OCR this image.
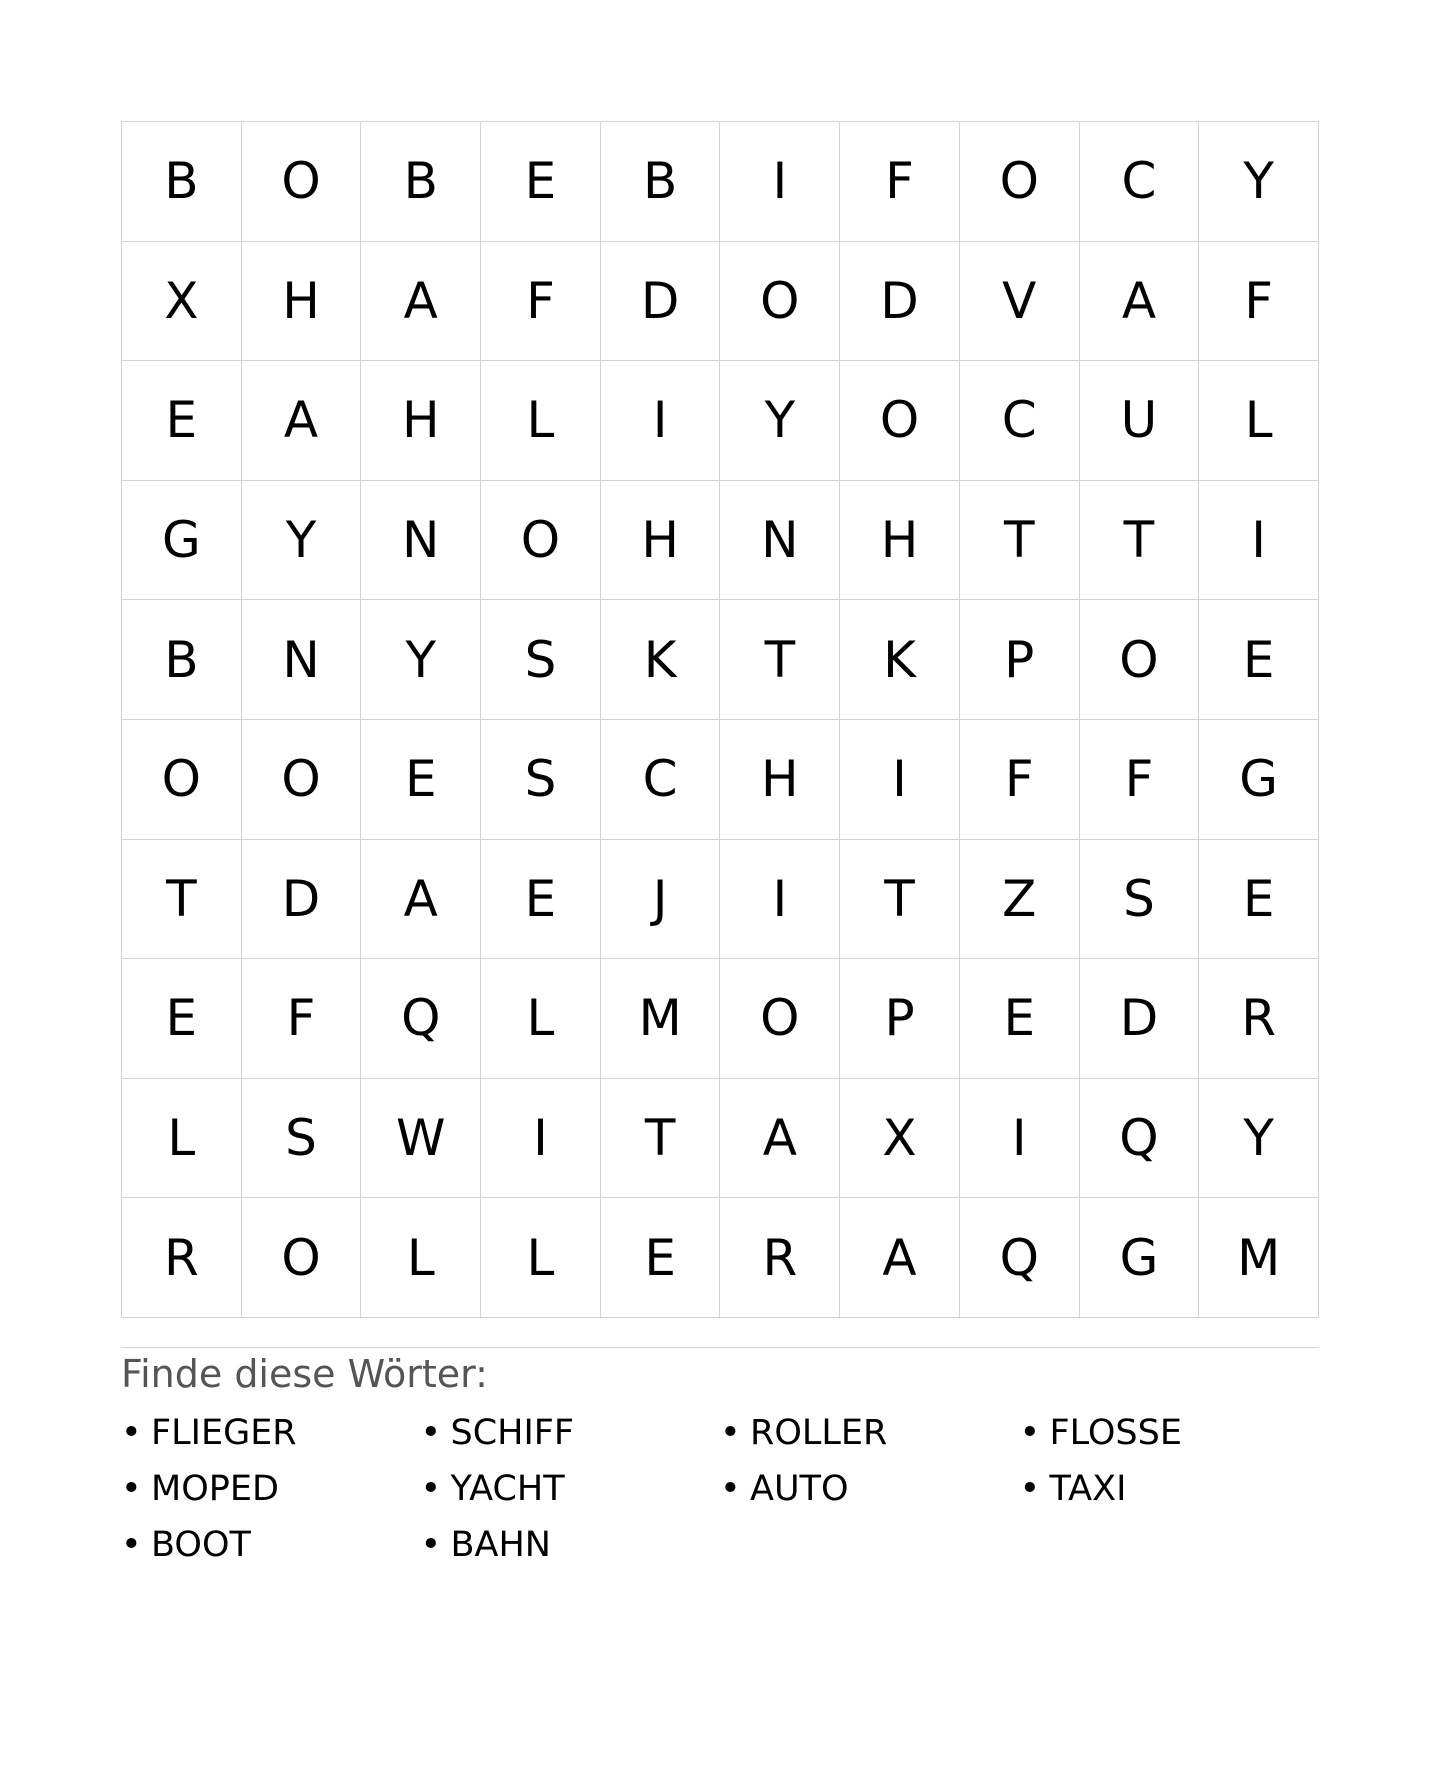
B	O	B	E	B	I	F	O	C	Y
X	H	A	F	D	O	D	V	A	F
E	A	H	L	I	Y	O	C	U	L
G	Y	N	O	H	N	H	T	T	I
B	N	Y	S	K	T	K	P	O	E
O	O	E	S	C	H	I	F	F	G
T	D	A	E	J	I	T	Z	S	E
E	F	Q	L	M	O	P	E	D	R
L	S	W	I	T	A	X	I	Q	Y
R	O	L	L	E	R	A	Q	G	M
Finde diese Wörter:
• FLIEGER	• SCHIFF	• ROLLER	• FLOSSE
• MOPED	• YACHT	• AUTO	• TAXI
• BOOT	• BAHN
